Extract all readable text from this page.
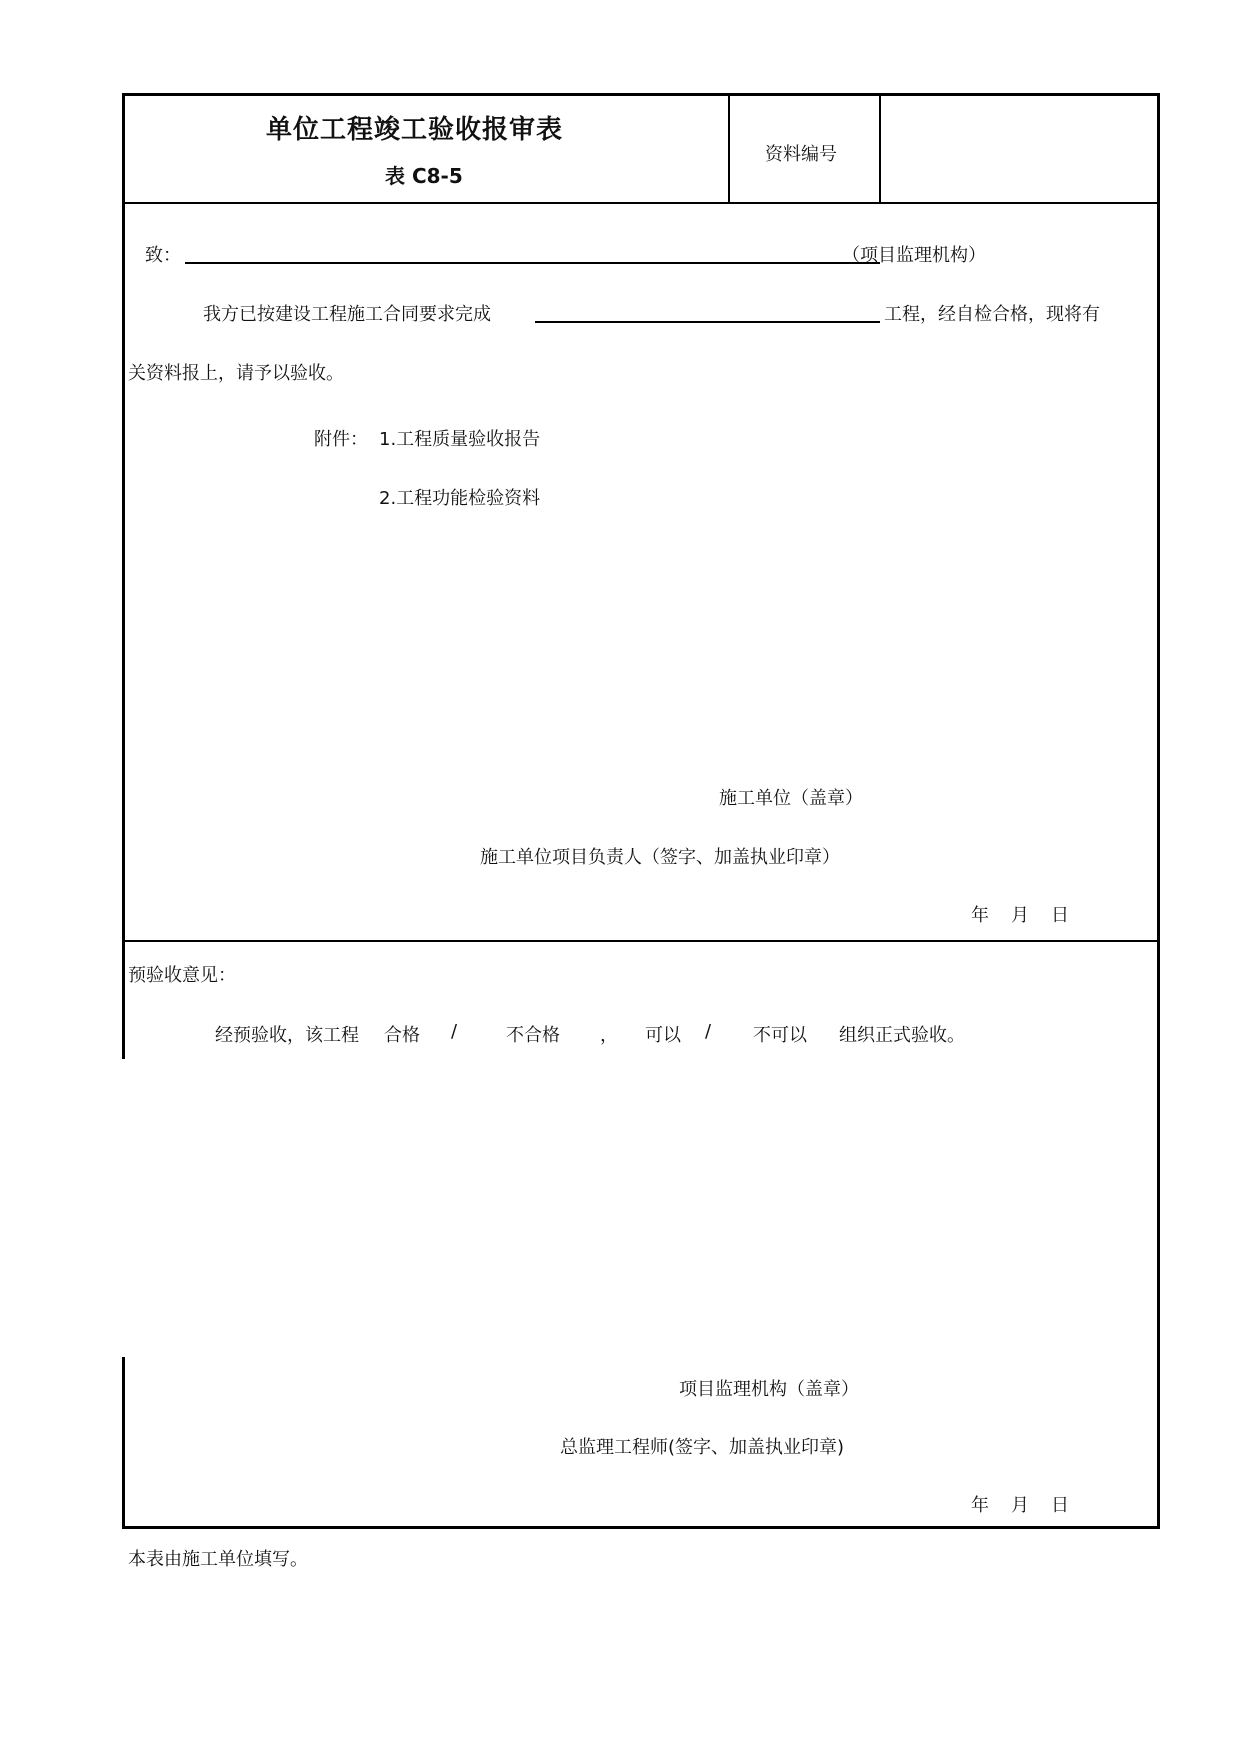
单位工程竣工验收报审表
表 C8-5
资料编号
致：	（项目监理机构）
我方已按建设工程施工合同要求完成	工程，经自检合格，现将有
关资料报上，请予以验收。
附件： 1.工程质量验收报告
2.工程功能检验资料
施工单位（盖章）
施工单位项目负责人（签字、加盖执业印章）
年 月 日
预验收意见：
经预验收，该工程 合格 /	不合格 ， 可以 / 不可以 组织正式验收。
项目监理机构（盖章）
总监理工程师(签字、加盖执业印章)
年 月 日
本表由施工单位填写。
